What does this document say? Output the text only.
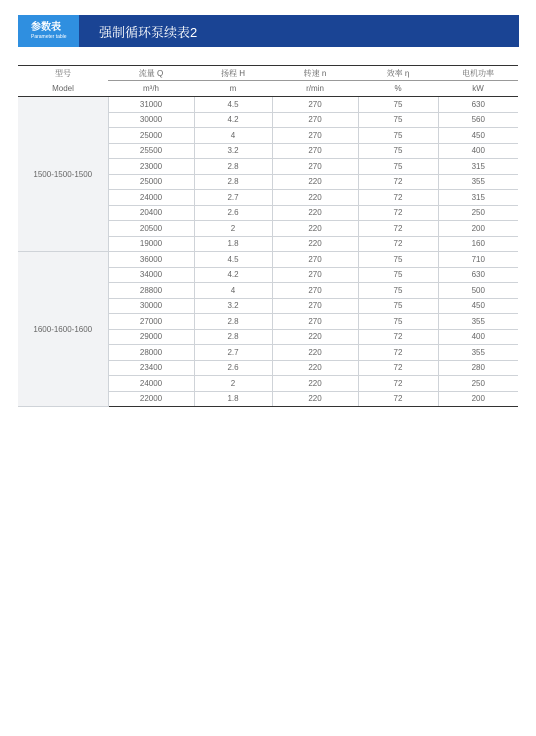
参数表
Parameter table	强制循环泵续表2
型号	流量 Q	扬程 H	转速 n	效率 η	电机功率
Model	m³/h	m	r/min	%	kW
1500-1500-1500	31000	4.5	270	75	630
	30000	4.2	270	75	560
	25000	4	270	75	450
	25500	3.2	270	75	400
	23000	2.8	270	75	315
	25000	2.8	220	72	355
	24000	2.7	220	72	315
	20400	2.6	220	72	250
	20500	2	220	72	200
	19000	1.8	220	72	160
1600-1600-1600	36000	4.5	270	75	710
	34000	4.2	270	75	630
	28800	4	270	75	500
	30000	3.2	270	75	450
	27000	2.8	270	75	355
	29000	2.8	220	72	400
	28000	2.7	220	72	355
	23400	2.6	220	72	280
	24000	2	220	72	250
	22000	1.8	220	72	200
